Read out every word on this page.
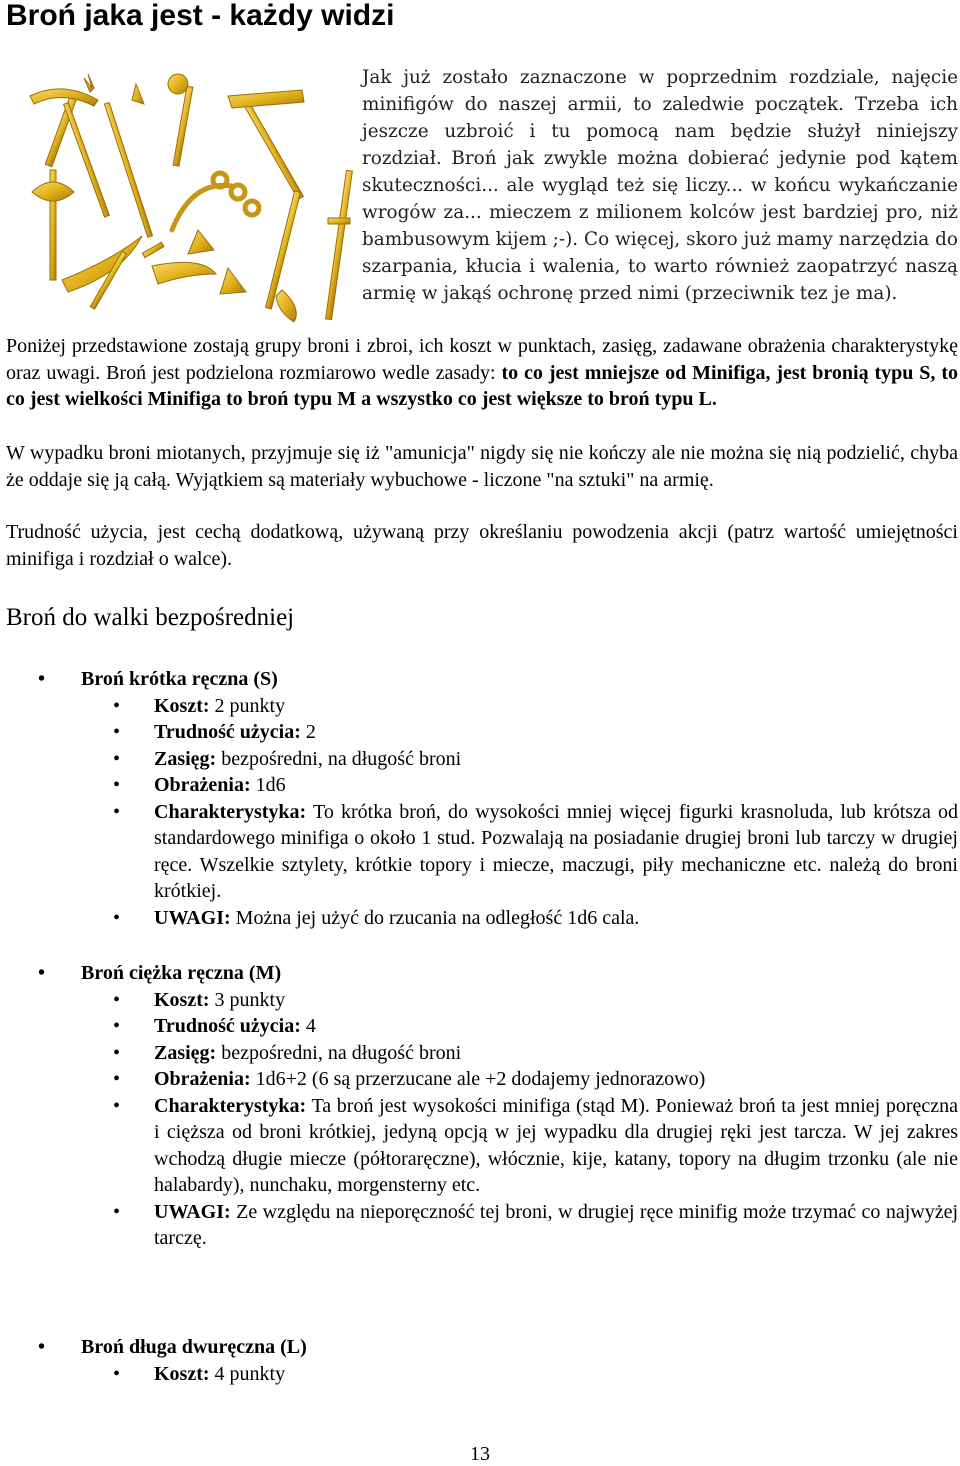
Broń jaka jest - każdy widzi

Jak już zostało zaznaczone w poprzednim rozdziale, najęcie minifigów do naszej armii, to zaledwie początek. Trzeba ich jeszcze uzbroić i tu pomocą nam będzie służył niniejszy rozdział. Broń jak zwykle można dobierać jedynie pod kątem skuteczności... ale wygląd też się liczy... w końcu wykańczanie wrogów za... mieczem z milionem kolców jest bardziej pro, niż bambusowym kijem ;-). Co więcej, skoro już mamy narzędzia do szarpania, kłucia i walenia, to warto również zaopatrzyć naszą armię w jakąś ochronę przed nimi (przeciwnik tez je ma).

Poniżej przedstawione zostają grupy broni i zbroi, ich koszt w punktach, zasięg, zadawane obrażenia charakterystykę oraz uwagi. Broń jest podzielona rozmiarowo wedle zasady: to co jest mniejsze od Minifiga, jest bronią typu S, to co jest wielkości Minifiga to broń typu M a wszystko co jest większe to broń typu L.

W wypadku broni miotanych, przyjmuje się iż "amunicja" nigdy się nie kończy ale nie można się nią podzielić, chyba że oddaje się ją całą. Wyjątkiem są materiały wybuchowe - liczone "na sztuki" na armię.

Trudność użycia, jest cechą dodatkową, używaną przy określaniu powodzenia akcji (patrz wartość umiejętności minifiga i rozdział o walce).

Broń do walki bezpośredniej
• Broń krótka ręczna (S)
• Koszt: 2 punkty
• Trudność użycia: 2
• Zasięg: bezpośredni, na długość broni
• Obrażenia: 1d6
• Charakterystyka: To krótka broń, do wysokości mniej więcej figurki krasnoluda, lub krótsza od standardowego minifiga o około 1 stud. Pozwalają na posiadanie drugiej broni lub tarczy w drugiej ręce. Wszelkie sztylety, krótkie topory i miecze, maczugi, piły mechaniczne etc. należą do broni krótkiej.
• UWAGI: Można jej użyć do rzucania na odległość 1d6 cala.
• Broń ciężka ręczna (M)
• Koszt: 3 punkty
• Trudność użycia: 4
• Zasięg: bezpośredni, na długość broni
• Obrażenia: 1d6+2 (6 są przerzucane ale +2 dodajemy jednorazowo)
• Charakterystyka: Ta broń jest wysokości minifiga (stąd M). Ponieważ broń ta jest mniej poręczna i cięższa od broni krótkiej, jedyną opcją w jej wypadku dla drugiej ręki jest tarcza. W jej zakres wchodzą długie miecze (półtoraręczne), włócznie, kije, katany, topory na długim trzonku (ale nie halabardy), nunchaku, morgensterny etc.
• UWAGI: Ze względu na nieporęczność tej broni, w drugiej ręce minifig może trzymać co najwyżej tarczę.
• Broń długa dwuręczna (L)
• Koszt: 4 punkty
13
